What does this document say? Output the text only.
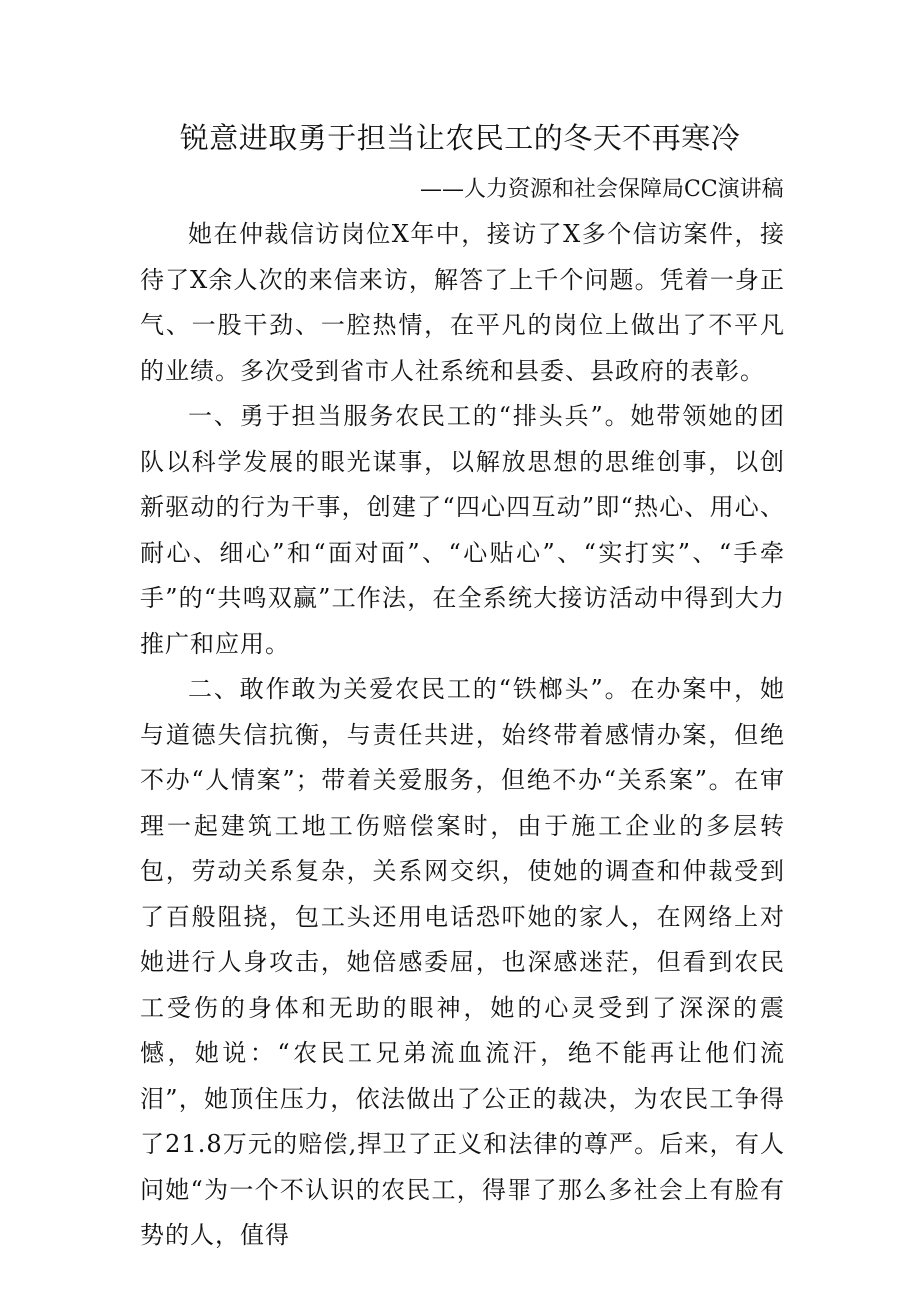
锐意进取勇于担当让农民工的冬天不再寒冷
——人力资源和社会保障局CC演讲稿

她在仲裁信访岗位X年中，接访了X多个信访案件，接待了X余人次的来信来访，解答了上千个问题。凭着一身正气、一股干劲、一腔热情，在平凡的岗位上做出了不平凡的业绩。多次受到省市人社系统和县委、县政府的表彰。

一、勇于担当服务农民工的“排头兵”。她带领她的团队以科学发展的眼光谋事，以解放思想的思维创事，以创新驱动的行为干事，创建了“四心四互动”即“热心、用心、耐心、细心”和“面对面”、“心贴心”、“实打实”、“手牵手”的“共鸣双赢”工作法，在全系统大接访活动中得到大力推广和应用。

二、敢作敢为关爱农民工的“铁榔头”。在办案中，她与道德失信抗衡，与责任共进，始终带着感情办案，但绝不办“人情案”；带着关爱服务，但绝不办“关系案”。在审理一起建筑工地工伤赔偿案时，由于施工企业的多层转包，劳动关系复杂，关系网交织，使她的调查和仲裁受到了百般阻挠，包工头还用电话恐吓她的家人，在网络上对她进行人身攻击，她倍感委屈，也深感迷茫，但看到农民工受伤的身体和无助的眼神，她的心灵受到了深深的震憾，她说：“农民工兄弟流血流汗，绝不能再让他们流泪”，她顶住压力，依法做出了公正的裁决，为农民工争得了21.8万元的赔偿,捍卫了正义和法律的尊严。后来，有人问她“为一个不认识的农民工，得罪了那么多社会上有脸有势的人，值得
